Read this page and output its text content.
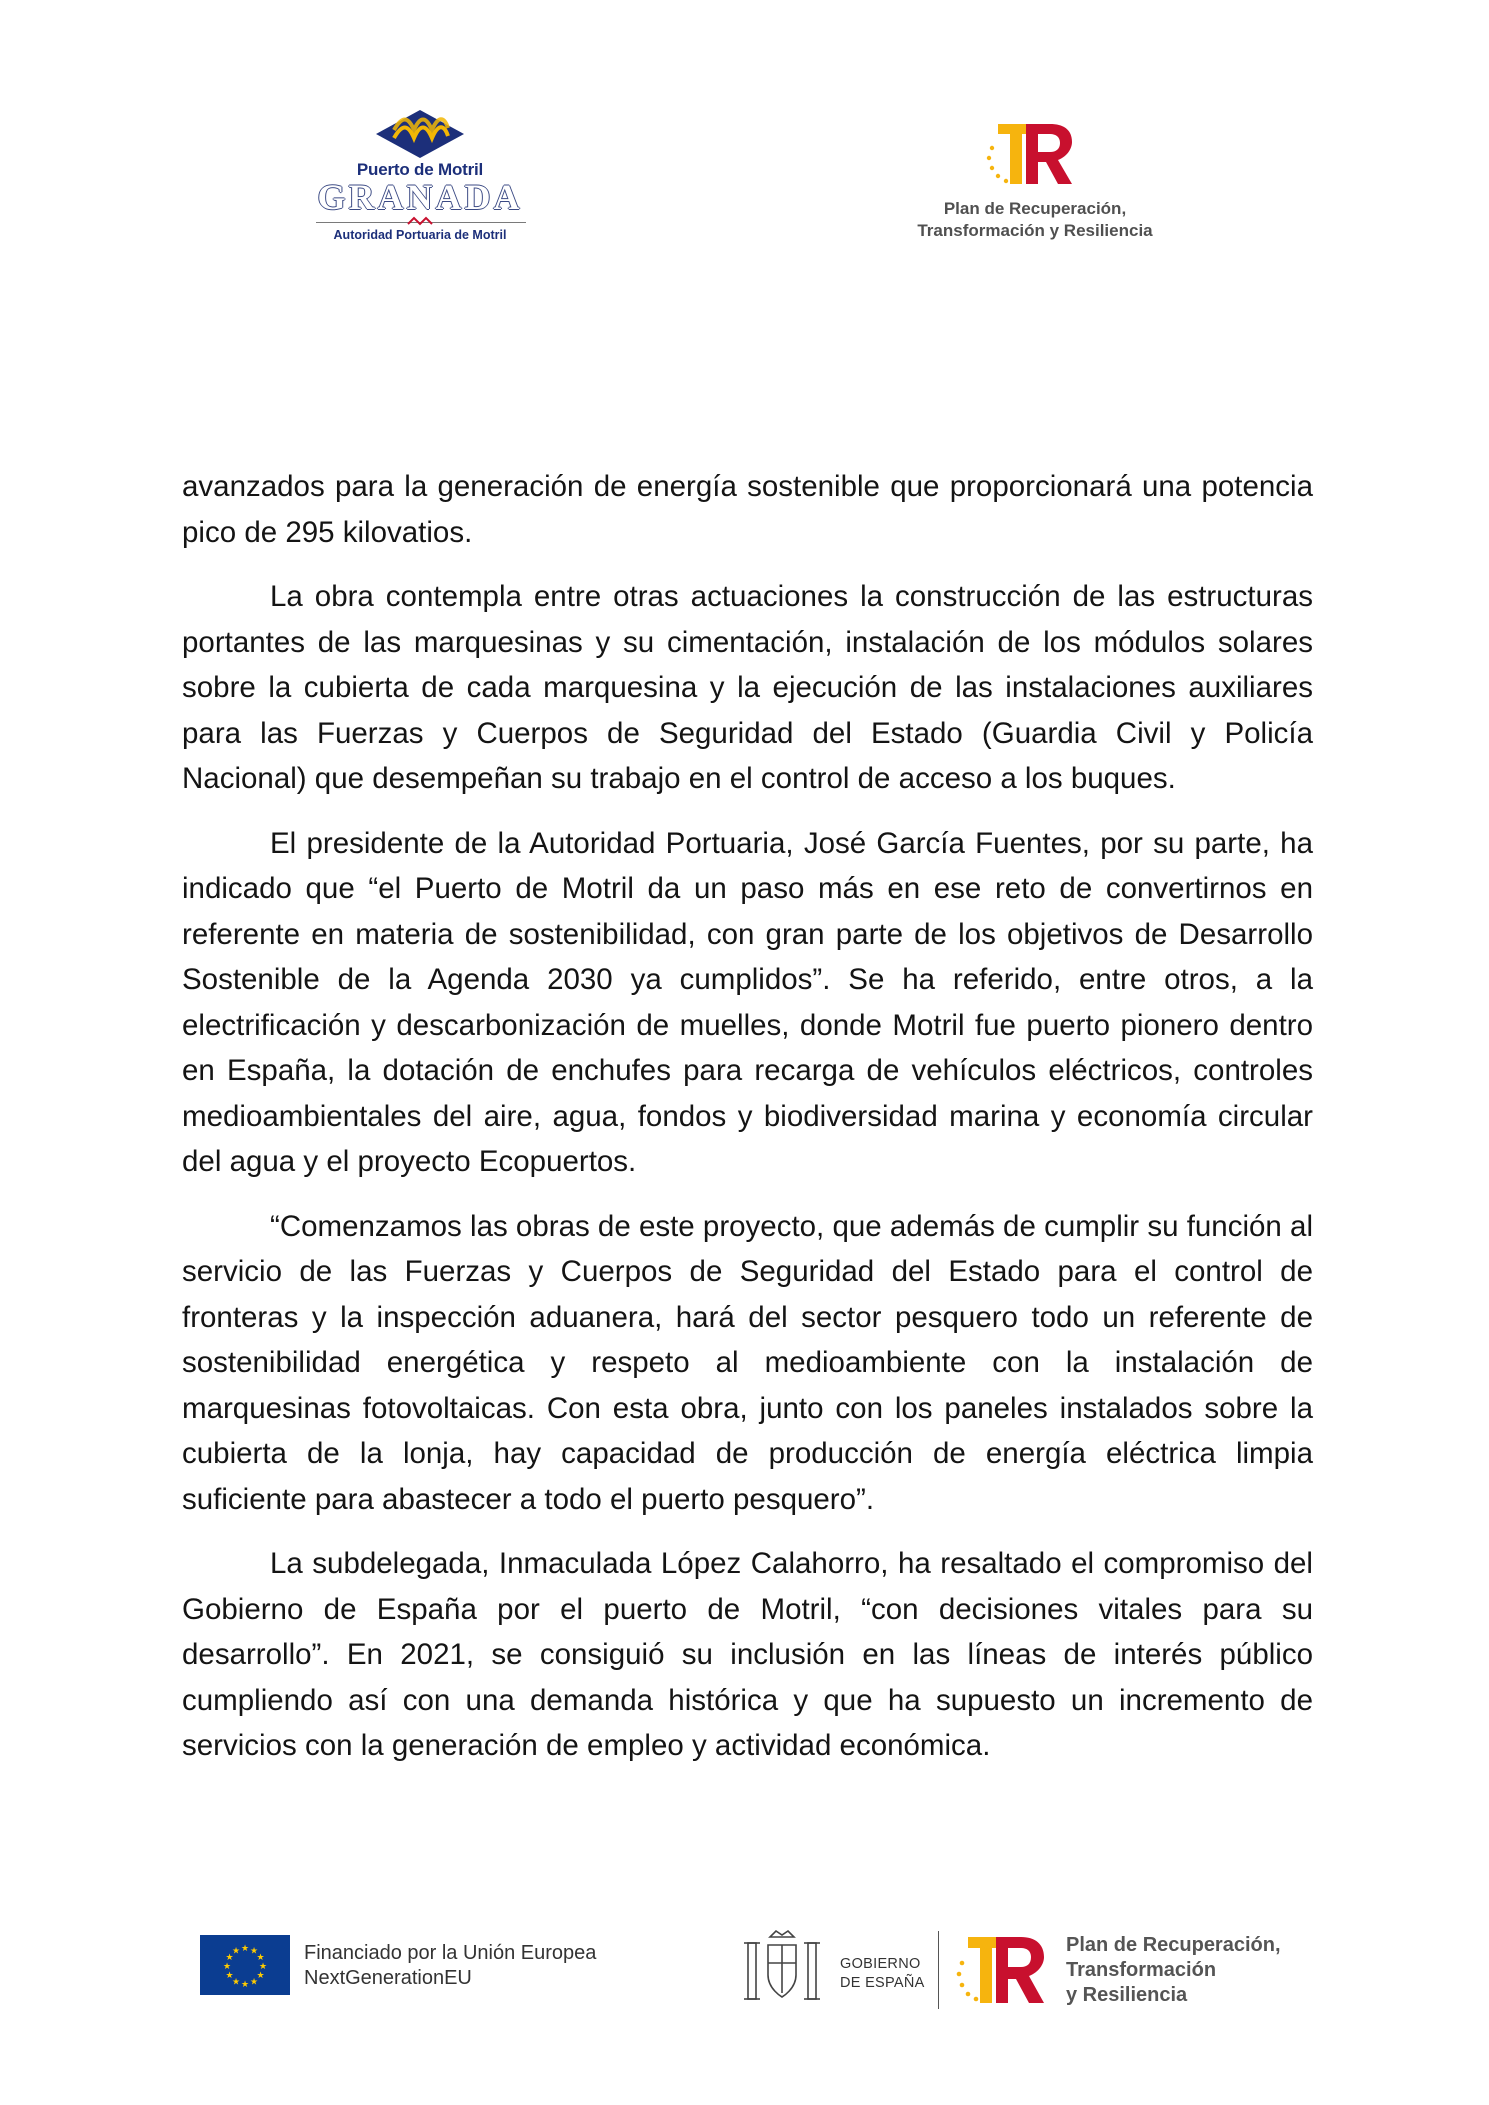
Puerto de Motril
GRANADA
Autoridad Portuaria de Motril
Plan de Recuperación,
Transformación y Resiliencia

avanzados para la generación de energía sostenible que proporcionará una potencia pico de 295 kilovatios.

La obra contempla entre otras actuaciones la construcción de las estructuras portantes de las marquesinas y su cimentación, instalación de los módulos solares sobre la cubierta de cada marquesina y la ejecución de las instalaciones auxiliares para las Fuerzas y Cuerpos de Seguridad del Estado (Guardia Civil y Policía Nacional) que desempeñan su trabajo en el control de acceso a los buques.

El presidente de la Autoridad Portuaria, José García Fuentes, por su parte, ha indicado que “el Puerto de Motril da un paso más en ese reto de convertirnos en referente en materia de sostenibilidad, con gran parte de los objetivos de Desarrollo Sostenible de la Agenda 2030 ya cumplidos”. Se ha referido, entre otros, a la electrificación y descarbonización de muelles, donde Motril fue puerto pionero dentro en España, la dotación de enchufes para recarga de vehículos eléctricos, controles medioambientales del aire, agua, fondos y biodiversidad marina y economía circular del agua y el proyecto Ecopuertos.

“Comenzamos las obras de este proyecto, que además de cumplir su función al servicio de las Fuerzas y Cuerpos de Seguridad del Estado para el control de fronteras y la inspección aduanera, hará del sector pesquero todo un referente de sostenibilidad energética y respeto al medioambiente con la instalación de marquesinas fotovoltaicas. Con esta obra, junto con los paneles instalados sobre la cubierta de la lonja, hay capacidad de producción de energía eléctrica limpia suficiente para abastecer a todo el puerto pesquero”.

La subdelegada, Inmaculada López Calahorro, ha resaltado el compromiso del Gobierno de España por el puerto de Motril, “con decisiones vitales para su desarrollo”. En 2021, se consiguió su inclusión en las líneas de interés público cumpliendo así con una demanda histórica y que ha supuesto un incremento de servicios con la generación de empleo y actividad económica.

★ ★
★
★
★
★
★
★
★
★
★
★	Financiado por la Unión Europea
NextGenerationEU
GOBIERNO
DE ESPAÑA
Plan de Recuperación,
Transformación
y Resiliencia
